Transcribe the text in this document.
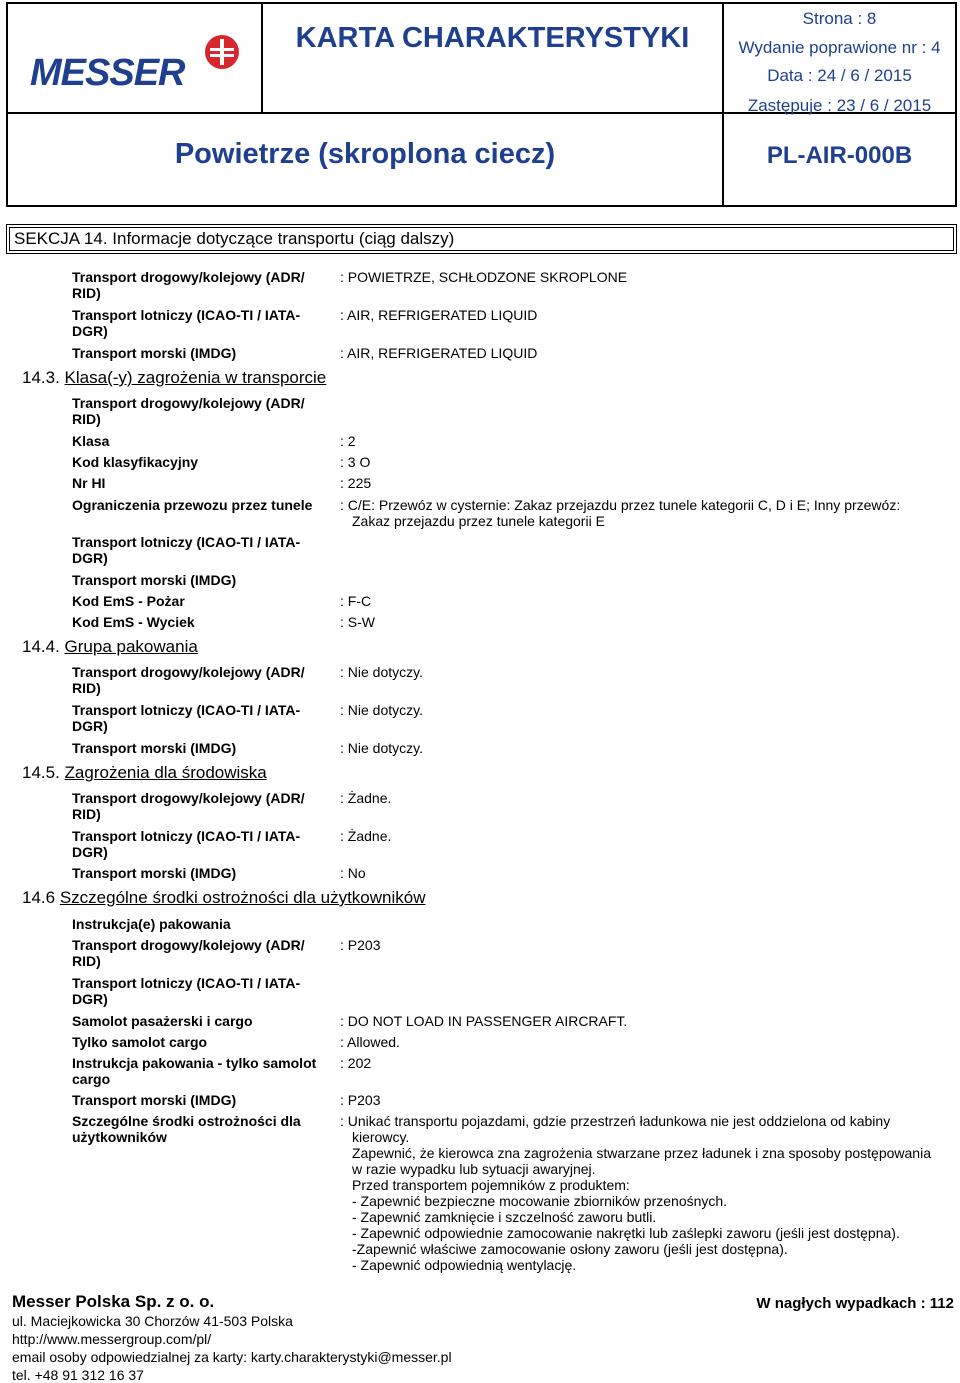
MESSER
KARTA CHARAKTERYSTYKI
Strona : 8
Wydanie poprawione nr : 4
Data : 24 / 6 / 2015
Powietrze (skroplona ciecz)
Zastępuje : 23 / 6 / 2015
PL-AIR-000B
SEKCJA 14. Informacje dotyczące transportu (ciąg dalszy)
Transport drogowy/kolejowy (ADR/
RID)
: POWIETRZE, SCHŁODZONE SKROPLONE
Transport lotniczy (ICAO-TI / IATA-
DGR)
: AIR, REFRIGERATED LIQUID
Transport morski (IMDG)	: AIR, REFRIGERATED LIQUID
14.3. Klasa(-y) zagrożenia w transporcie
Transport drogowy/kolejowy (ADR/
RID)
Klasa	: 2
Kod klasyfikacyjny	: 3 O
Nr HI	: 225
Ograniczenia przewozu przez tunele	: C/E: Przewóz w cysternie: Zakaz przejazdu przez tunele kategorii C, D i E; Inny przewóz:
Zakaz przejazdu przez tunele kategorii E
Transport lotniczy (ICAO-TI / IATA-
DGR)
Transport morski (IMDG)
Kod EmS - Pożar	: F-C
Kod EmS - Wyciek	: S-W
14.4. Grupa pakowania
Transport drogowy/kolejowy (ADR/
RID)
: Nie dotyczy.
Transport lotniczy (ICAO-TI / IATA-
DGR)
: Nie dotyczy.
Transport morski (IMDG)	: Nie dotyczy.
14.5. Zagrożenia dla środowiska
Transport drogowy/kolejowy (ADR/
RID)
: Żadne.
Transport lotniczy (ICAO-TI / IATA-
DGR)
: Żadne.
Transport morski (IMDG)	: No
14.6 Szczególne środki ostrożności dla użytkowników
Instrukcja(e) pakowania
Transport drogowy/kolejowy (ADR/
RID)
: P203
Transport lotniczy (ICAO-TI / IATA-
DGR)
Samolot pasażerski i cargo	: DO NOT LOAD IN PASSENGER AIRCRAFT.
Tylko samolot cargo	: Allowed.
Instrukcja pakowania - tylko samolot
cargo
: 202
Transport morski (IMDG)	: P203
Szczególne środki ostrożności dla
użytkowników
: Unikać transportu pojazdami, gdzie przestrzeń ładunkowa nie jest oddzielona od kabiny
kierowcy.
Zapewnić, że kierowca zna zagrożenia stwarzane przez ładunek i zna sposoby postępowania
w razie wypadku lub sytuacji awaryjnej.
Przed transportem pojemników z produktem:
- Zapewnić bezpieczne mocowanie zbiorników przenośnych.
- Zapewnić zamknięcie i szczelność zaworu butli.
- Zapewnić odpowiednie zamocowanie nakrętki lub zaślepki zaworu (jeśli jest dostępna).
-Zapewnić właściwe zamocowanie osłony zaworu (jeśli jest dostępna).
- Zapewnić odpowiednią wentylację.
Messer Polska Sp. z o. o.
ul. Maciejkowicka 30 Chorzów 41-503 Polska
http://www.messergroup.com/pl/
email osoby odpowiedzialnej za karty: karty.charakterystyki@messer.pl
tel. +48 91 312 16 37
W nagłych wypadkach : 112
